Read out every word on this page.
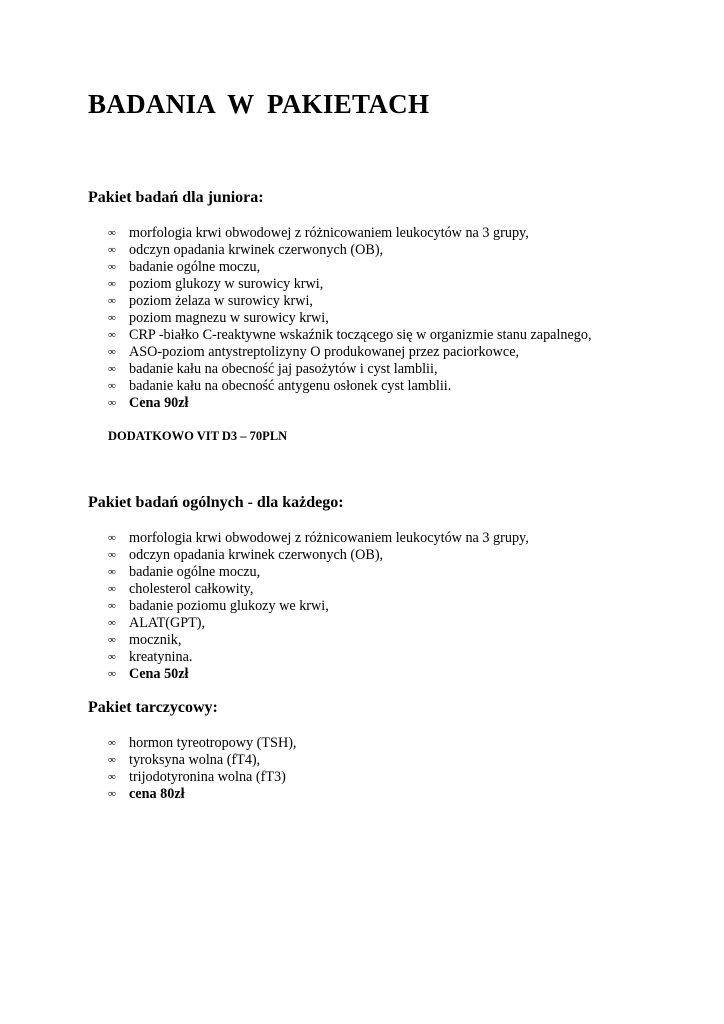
BADANIA W PAKIETACH
Pakiet badań dla juniora:
∞ morfologia krwi obwodowej z różnicowaniem leukocytów na 3 grupy,
∞ odczyn opadania krwinek czerwonych (OB),
∞ badanie ogólne moczu,
∞ poziom glukozy w surowicy krwi,
∞ poziom żelaza w surowicy krwi,
∞ poziom magnezu w surowicy krwi,
∞ CRP -białko C-reaktywne wskaźnik toczącego się w organizmie stanu zapalnego,
∞ ASO-poziom antystreptolizyny O produkowanej przez paciorkowce,
∞ badanie kału na obecność jaj pasożytów i cyst lamblii,
∞ badanie kału na obecność antygenu osłonek cyst lamblii.
∞ Cena 90zł

DODATKOWO VIT D3 – 70PLN

Pakiet badań ogólnych - dla każdego:
∞ morfologia krwi obwodowej z różnicowaniem leukocytów na 3 grupy,
∞ odczyn opadania krwinek czerwonych (OB),
∞ badanie ogólne moczu,
∞ cholesterol całkowity,
∞ badanie poziomu glukozy we krwi,
∞ ALAT(GPT),
∞ mocznik,
∞ kreatynina.
∞ Cena 50zł
Pakiet tarczycowy:
∞ hormon tyreotropowy (TSH),
∞ tyroksyna wolna (fT4),
∞ trijodotyronina wolna (fT3)
∞ cena 80zł
